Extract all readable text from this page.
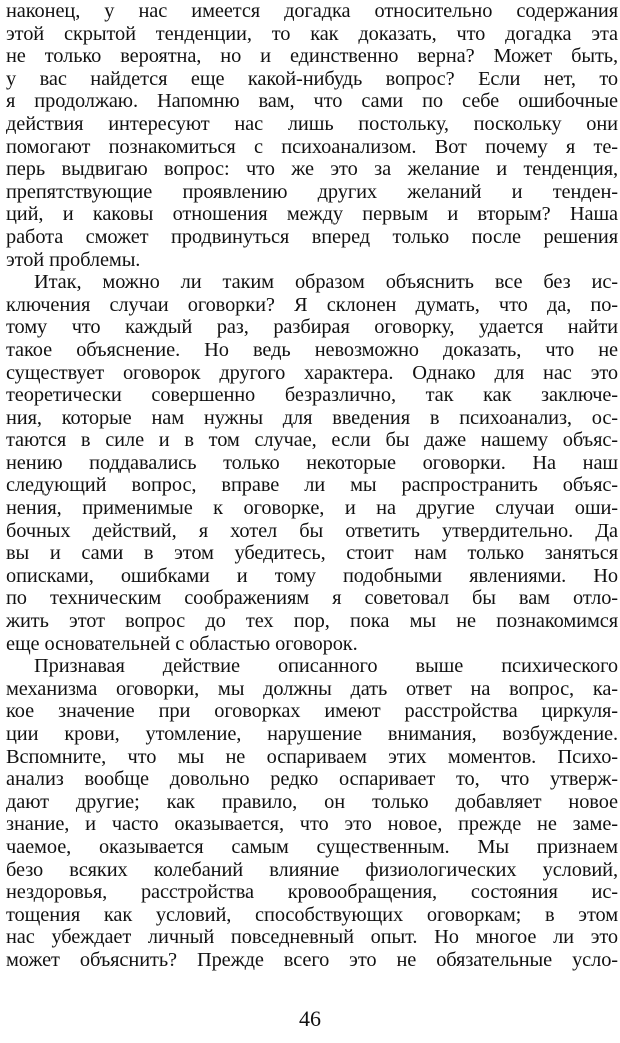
наконец, у нас имеется догадка относительно содержания
этой скрытой тенденции, то как доказать, что догадка эта
не только вероятна, но и единственно верна? Может быть,
у вас найдется еще какой-нибудь вопрос? Если нет, то
я продолжаю. Напомню вам, что сами по себе ошибочные
действия интересуют нас лишь постольку, поскольку они
помогают познакомиться с психоанализом. Вот почему я те-
перь выдвигаю вопрос: что же это за желание и тенденция,
препятствующие проявлению других желаний и тенден-
ций, и каковы отношения между первым и вторым? Наша
работа сможет продвинуться вперед только после решения
этой проблемы.
Итак, можно ли таким образом объяснить все без ис-
ключения случаи оговорки? Я склонен думать, что да, по-
тому что каждый раз, разбирая оговорку, удается найти
такое объяснение. Но ведь невозможно доказать, что не
существует оговорок другого характера. Однако для нас это
теоретически совершенно безразлично, так как заключе-
ния, которые нам нужны для введения в психоанализ, ос-
таются в силе и в том случае, если бы даже нашему объяс-
нению поддавались только некоторые оговорки. На наш
следующий вопрос, вправе ли мы распространить объяс-
нения, применимые к оговорке, и на другие случаи оши-
бочных действий, я хотел бы ответить утвердительно. Да
вы и сами в этом убедитесь, стоит нам только заняться
описками, ошибками и тому подобными явлениями. Но
по техническим соображениям я советовал бы вам отло-
жить этот вопрос до тех пор, пока мы не познакомимся
еще основательней с областью оговорок.
Признавая действие описанного выше психического
механизма оговорки, мы должны дать ответ на вопрос, ка-
кое значение при оговорках имеют расстройства циркуля-
ции крови, утомление, нарушение внимания, возбуждение.
Вспомните, что мы не оспариваем этих моментов. Психо-
анализ вообще довольно редко оспаривает то, что утверж-
дают другие; как правило, он только добавляет новое
знание, и часто оказывается, что это новое, прежде не заме-
чаемое, оказывается самым существенным. Мы признаем
безо всяких колебаний влияние физиологических условий,
нездоровья, расстройства кровообращения, состояния ис-
тощения как условий, способствующих оговоркам; в этом
нас убеждает личный повседневный опыт. Но многое ли это
может объяснить? Прежде всего это не обязательные усло-
46
